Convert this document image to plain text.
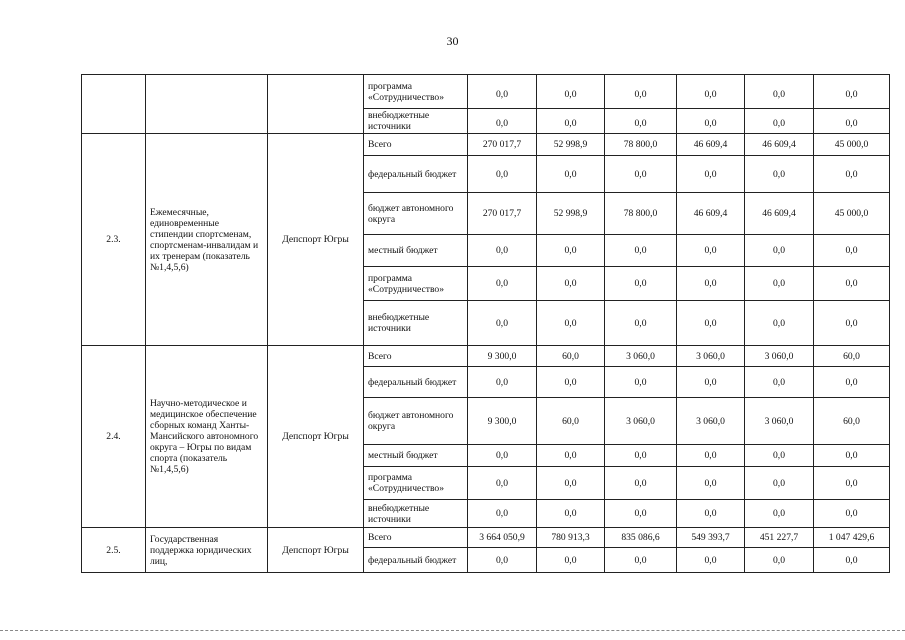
30
			программа «Сотрудничество»	0,0	0,0	0,0	0,0	0,0	0,0

			внебюджетные источники	0,0	0,0	0,0	0,0	0,0	0,0

2.3.	Ежемесячные, единовременные стипендии спортсменам, спортсменам-инвалидам и их тренерам (показатель №1,4,5,6)	Депспорт Югры	Всего	270 017,7	52 998,9	78 800,0	46 609,4	46 609,4	45 000,0
			федеральный бюджет	0,0	0,0	0,0	0,0	0,0	0,0
			бюджет автономного округа	270 017,7	52 998,9	78 800,0	46 609,4	46 609,4	45 000,0
			местный бюджет	0,0	0,0	0,0	0,0	0,0	0,0
			программа «Сотрудничество»	0,0	0,0	0,0	0,0	0,0	0,0
			внебюджетные источники	0,0	0,0	0,0	0,0	0,0	0,0
2.4.	Научно-методическое и медицинское обеспечение сборных команд Ханты-Мансийского автономного округа – Югры по видам спорта (показатель №1,4,5,6)	Депспорт Югры	Всего	9 300,0	60,0	3 060,0	3 060,0	3 060,0	60,0
			федеральный бюджет	0,0	0,0	0,0	0,0	0,0	0,0
			бюджет автономного округа	9 300,0	60,0	3 060,0	3 060,0	3 060,0	60,0
			местный бюджет	0,0	0,0	0,0	0,0	0,0	0,0
			программа «Сотрудничество»	0,0	0,0	0,0	0,0	0,0	0,0
			внебюджетные источники	0,0	0,0	0,0	0,0	0,0	0,0
2.5.	Государственная поддержка юридических лиц,	Депспорт Югры	Всего	3 664 050,9	780 913,3	835 086,6	549 393,7	451 227,7	1 047 429,6
			федеральный бюджет	0,0	0,0	0,0	0,0	0,0	0,0
